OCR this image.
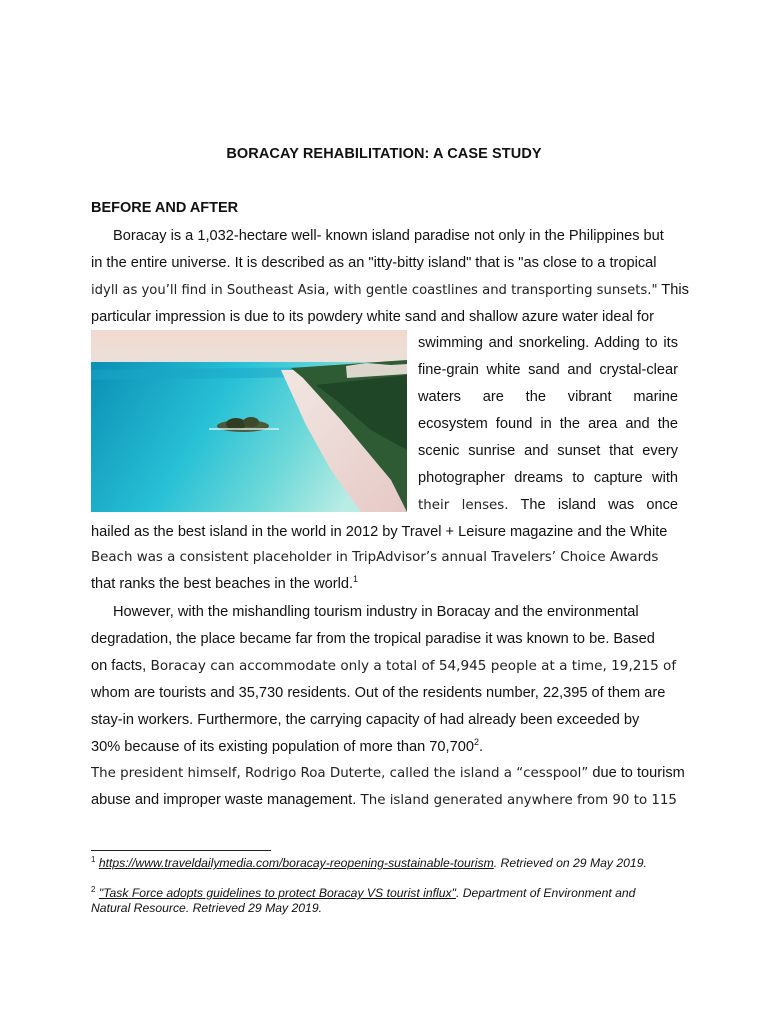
BORACAY REHABILITATION: A CASE STUDY
BEFORE AND AFTER
Boracay is a 1,032-hectare well- known island paradise not only in the Philippines but
in the entire universe. It is described as an "itty-bitty island" that is "as close to a tropical
idyll as you’ll find in Southeast Asia, with gentle coastlines and transporting sunsets." This
particular impression is due to its powdery white sand and shallow azure water ideal for
swimming and snorkeling. Adding to its
fine-grain white sand and crystal-clear
waters are the vibrant marine
ecosystem found in the area and the
scenic sunrise and sunset that every
photographer dreams to capture with
their lenses. The island was once
hailed as the best island in the world in 2012 by Travel + Leisure magazine and the White
Beach was a consistent placeholder in TripAdvisor’s annual Travelers’ Choice Awards
that ranks the best beaches in the world.$^1$
However, with the mishandling tourism industry in Boracay and the environmental
degradation, the place became far from the tropical paradise it was known to be. Based
on facts, Boracay can accommodate only a total of 54,945 people at a time, 19,215 of
whom are tourists and 35,730 residents. Out of the residents number, 22,395 of them are
stay-in workers. Furthermore, the carrying capacity of had already been exceeded by
30% because of its existing population of more than 70,700$^2$.
The president himself, Rodrigo Roa Duterte, called the island a “cesspool” due to tourism
abuse and improper waste management. The island generated anywhere from 90 to 115
$^1$ https://www.traveldailymedia.com/boracay-reopening-sustainable-tourism. Retrieved on 29 May 2019.
$^2$ "Task Force adopts guidelines to protect Boracay VS tourist influx". Department of Environment and
Natural Resource. Retrieved 29 May 2019.
